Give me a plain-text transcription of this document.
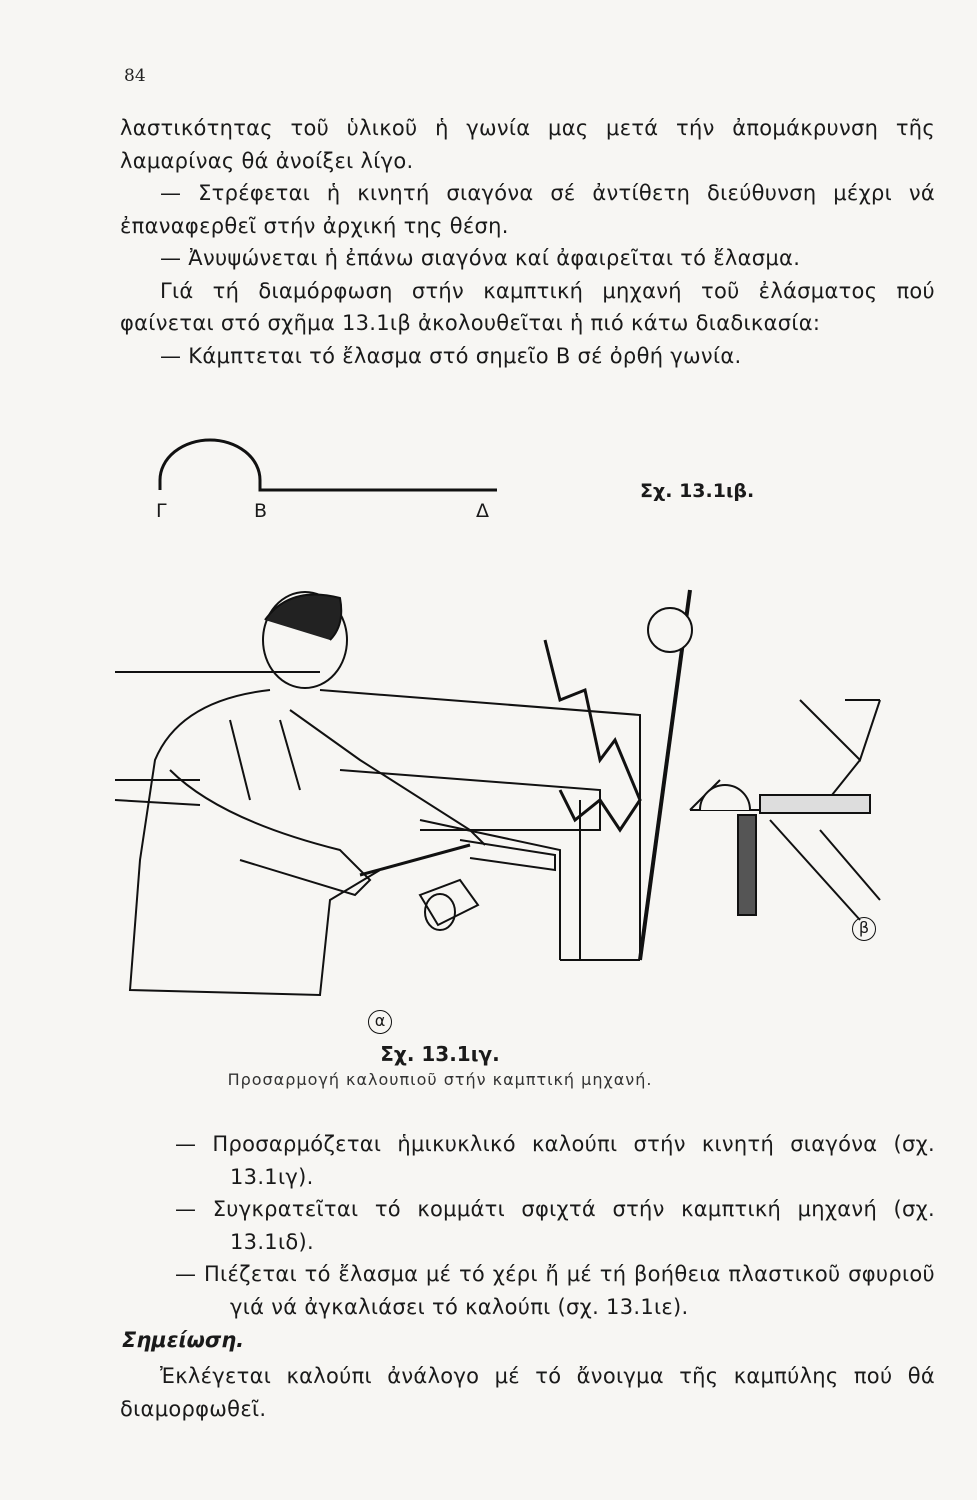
84

λαστικότητας τοῦ ὑλικοῦ ἡ γωνία μας μετά τήν ἀπομάκρυνση τῆς λαμαρίνας θά ἀνοίξει λίγο.

— Στρέφεται ἡ κινητή σιαγόνα σέ ἀντίθετη διεύθυνση μέχρι νά ἐπαναφερθεῖ στήν ἀρχική της θέση.

— Ἀνυψώνεται ἡ ἐπάνω σιαγόνα καί ἀφαιρεῖται τό ἔλασμα.

Γιά τή διαμόρφωση στήν καμπτική μηχανή τοῦ ἐλάσματος πού φαίνεται στό σχῆμα 13.1ιβ ἀκολουθεῖται ἡ πιό κάτω διαδικασία:

— Κάμπτεται τό ἔλασμα στό σημεῖο Β σέ ὀρθή γωνία.

Γ	Β	Δ
Σχ. 13.1ιβ.
α
β
Σχ. 13.1ιγ.
Προσαρμογή καλουπιοῦ στήν καμπτική μηχανή.

— Προσαρμόζεται ἡμικυκλικό καλούπι στήν κινητή σιαγόνα (σχ. 13.1ιγ).

— Συγκρατεῖται τό κομμάτι σφιχτά στήν καμπτική μηχανή (σχ. 13.1ιδ).

— Πιέζεται τό ἔλασμα μέ τό χέρι ἤ μέ τή βοήθεια πλαστικοῦ σφυριοῦ γιά νά ἀγκαλιάσει τό καλούπι (σχ. 13.1ιε).

Σημείωση.

Ἐκλέγεται καλούπι ἀνάλογο μέ τό ἄνοιγμα τῆς καμπύλης πού θά διαμορφωθεῖ.
